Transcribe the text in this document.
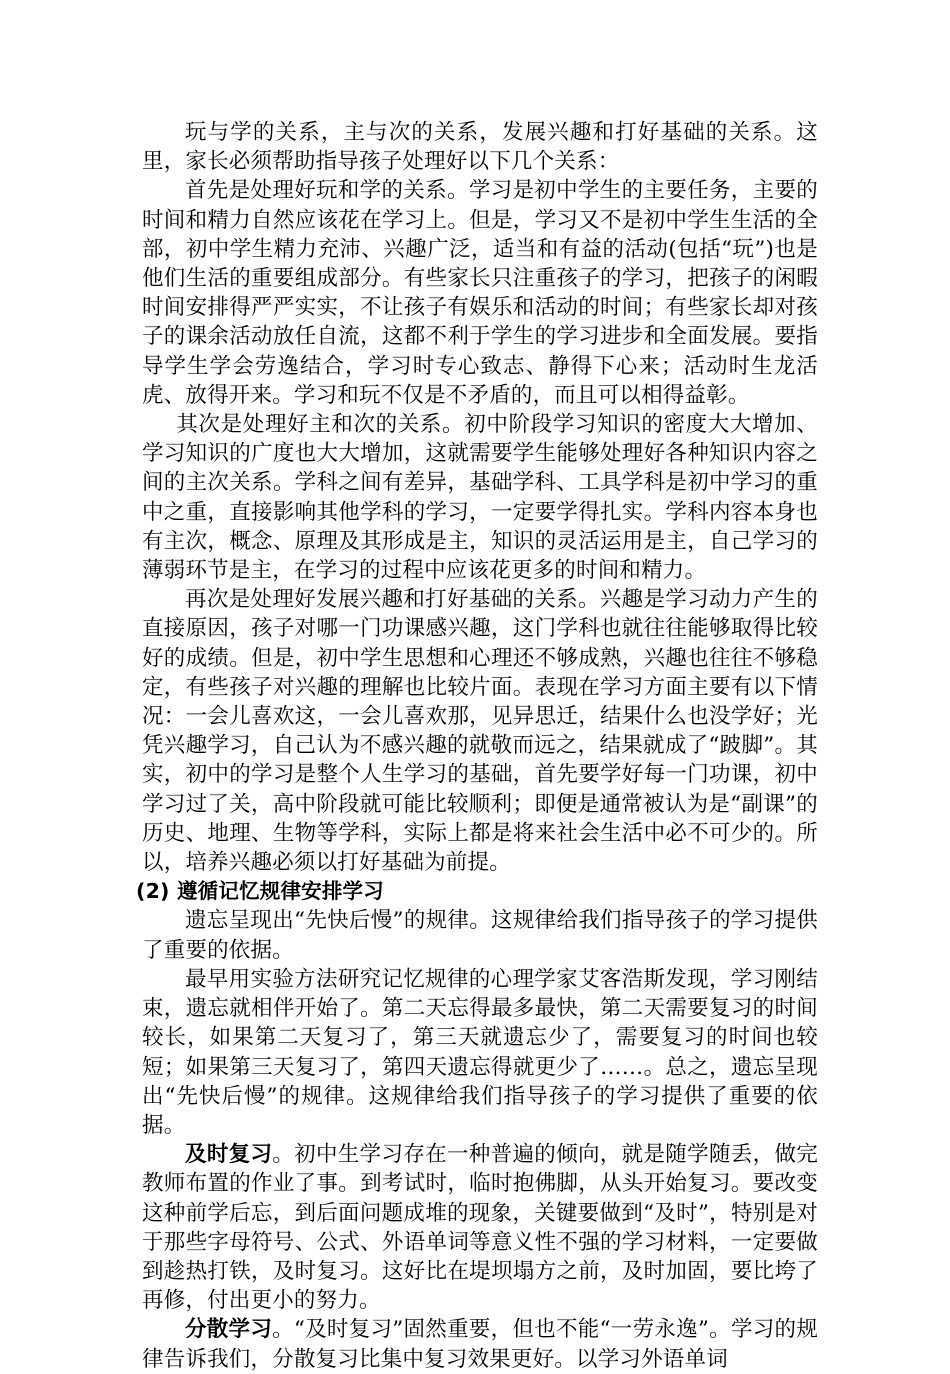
玩与学的关系，主与次的关系，发展兴趣和打好基础的关系。这里，家长必须帮助指导孩子处理好以下几个关系：

首先是处理好玩和学的关系。学习是初中学生的主要任务，主要的时间和精力自然应该花在学习上。但是，学习又不是初中学生生活的全部，初中学生精力充沛、兴趣广泛，适当和有益的活动(包括“玩”)也是他们生活的重要组成部分。有些家长只注重孩子的学习，把孩子的闲暇时间安排得严严实实，不让孩子有娱乐和活动的时间；有些家长却对孩子的课余活动放任自流，这都不利于学生的学习进步和全面发展。要指导学生学会劳逸结合，学习时专心致志、静得下心来；活动时生龙活虎、放得开来。学习和玩不仅是不矛盾的，而且可以相得益彰。

其次是处理好主和次的关系。初中阶段学习知识的密度大大增加、学习知识的广度也大大增加，这就需要学生能够处理好各种知识内容之间的主次关系。学科之间有差异，基础学科、工具学科是初中学习的重中之重，直接影响其他学科的学习，一定要学得扎实。学科内容本身也有主次，概念、原理及其形成是主，知识的灵活运用是主，自己学习的薄弱环节是主，在学习的过程中应该花更多的时间和精力。

再次是处理好发展兴趣和打好基础的关系。兴趣是学习动力产生的直接原因，孩子对哪一门功课感兴趣，这门学科也就往往能够取得比较好的成绩。但是，初中学生思想和心理还不够成熟，兴趣也往往不够稳定，有些孩子对兴趣的理解也比较片面。表现在学习方面主要有以下情况：一会儿喜欢这，一会儿喜欢那，见异思迁，结果什么也没学好；光凭兴趣学习，自己认为不感兴趣的就敬而远之，结果就成了“跛脚”。其实，初中的学习是整个人生学习的基础，首先要学好每一门功课，初中学习过了关，高中阶段就可能比较顺利；即便是通常被认为是“副课”的历史、地理、生物等学科，实际上都是将来社会生活中必不可少的。所以，培养兴趣必须以打好基础为前提。

(2) 遵循记忆规律安排学习

遗忘呈现出“先快后慢”的规律。这规律给我们指导孩子的学习提供了重要的依据。

最早用实验方法研究记忆规律的心理学家艾客浩斯发现，学习刚结束，遗忘就相伴开始了。第二天忘得最多最快，第二天需要复习的时间较长，如果第二天复习了，第三天就遗忘少了，需要复习的时间也较短；如果第三天复习了，第四天遗忘得就更少了……。总之，遗忘呈现出“先快后慢”的规律。这规律给我们指导孩子的学习提供了重要的依据。

及时复习。初中生学习存在一种普遍的倾向，就是随学随丢，做完教师布置的作业了事。到考试时，临时抱佛脚，从头开始复习。要改变这种前学后忘，到后面问题成堆的现象，关键要做到“及时”，特别是对于那些字母符号、公式、外语单词等意义性不强的学习材料，一定要做到趁热打铁，及时复习。这好比在堤坝塌方之前，及时加固，要比垮了再修，付出更小的努力。

分散学习。“及时复习”固然重要，但也不能“一劳永逸”。学习的规律告诉我们，分散复习比集中复习效果更好。以学习外语单词
